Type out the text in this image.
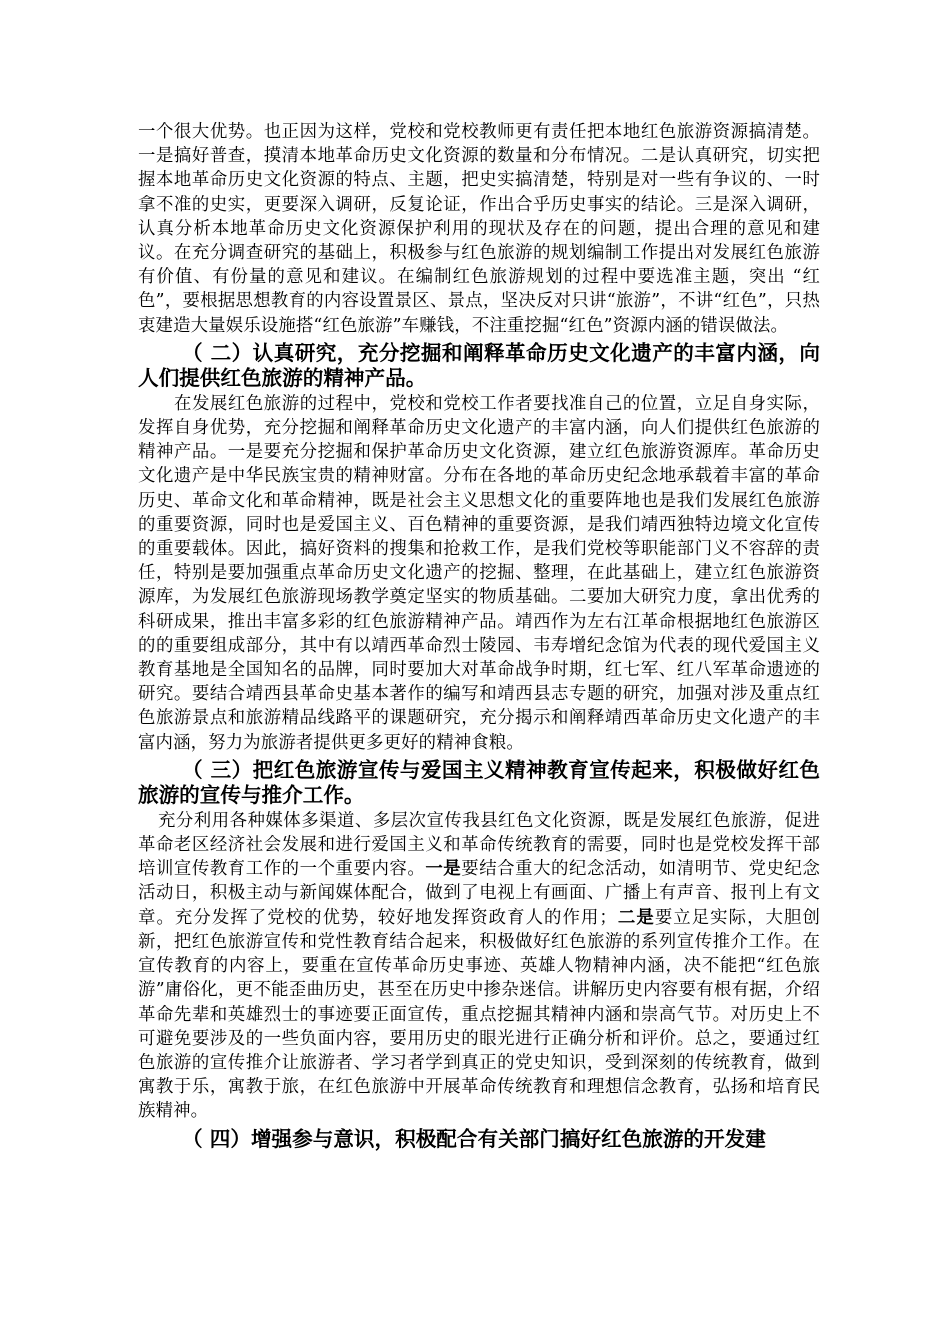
一个很大优势。也正因为这样，党校和党校教师更有责任把本地红色旅游资源搞清楚。一是搞好普查，摸清本地革命历史文化资源的数量和分布情况。二是认真研究，切实把握本地革命历史文化资源的特点、主题，把史实搞清楚，特别是对一些有争议的、一时拿不准的史实，更要深入调研，反复论证，作出合乎历史事实的结论。三是深入调研，认真分析本地革命历史文化资源保护利用的现状及存在的问题，提出合理的意见和建议。在充分调查研究的基础上，积极参与红色旅游的规划编制工作提出对发展红色旅游有价值、有份量的意见和建议。在编制红色旅游规划的过程中要选准主题，突出 “红色”，要根据思想教育的内容设置景区、景点，坚决反对只讲“旅游”，不讲“红色”，只热衷建造大量娱乐设施搭“红色旅游”车赚钱，不注重挖掘“红色”资源内涵的错误做法。

（ 二）认真研究，充分挖掘和阐释革命历史文化遗产的丰富内涵，向人们提供红色旅游的精神产品。

在发展红色旅游的过程中，党校和党校工作者要找准自己的位置，立足自身实际，发挥自身优势，充分挖掘和阐释革命历史文化遗产的丰富内涵，向人们提供红色旅游的精神产品。一是要充分挖掘和保护革命历史文化资源，建立红色旅游资源库。革命历史文化遗产是中华民族宝贵的精神财富。分布在各地的革命历史纪念地承载着丰富的革命历史、革命文化和革命精神，既是社会主义思想文化的重要阵地也是我们发展红色旅游的重要资源，同时也是爱国主义、百色精神的重要资源，是我们靖西独特边境文化宣传的重要载体。因此，搞好资料的搜集和抢救工作，是我们党校等职能部门义不容辞的责任，特别是要加强重点革命历史文化遗产的挖掘、整理，在此基础上，建立红色旅游资源库，为发展红色旅游现场教学奠定坚实的物质基础。二要加大研究力度，拿出优秀的科研成果，推出丰富多彩的红色旅游精神产品。靖西作为左右江革命根据地红色旅游区的的重要组成部分，其中有以靖西革命烈士陵园、韦寿增纪念馆为代表的现代爱国主义教育基地是全国知名的品牌，同时要加大对革命战争时期，红七军、红八军革命遗迹的研究。要结合靖西县革命史基本著作的编写和靖西县志专题的研究，加强对涉及重点红色旅游景点和旅游精品线路平的课题研究，充分揭示和阐释靖西革命历史文化遗产的丰富内涵，努力为旅游者提供更多更好的精神食粮。

（ 三）把红色旅游宣传与爱国主义精神教育宣传起来，积极做好红色旅游的宣传与推介工作。

充分利用各种媒体多渠道、多层次宣传我县红色文化资源，既是发展红色旅游，促进革命老区经济社会发展和进行爱国主义和革命传统教育的需要，同时也是党校发挥干部培训宣传教育工作的一个重要内容。一是要结合重大的纪念活动，如清明节、党史纪念活动日，积极主动与新闻媒体配合，做到了电视上有画面、广播上有声音、报刊上有文章。充分发挥了党校的优势，较好地发挥资政育人的作用；二是要立足实际，大胆创新，把红色旅游宣传和党性教育结合起来，积极做好红色旅游的系列宣传推介工作。在宣传教育的内容上，要重在宣传革命历史事迹、英雄人物精神内涵，决不能把“红色旅游”庸俗化，更不能歪曲历史，甚至在历史中掺杂迷信。讲解历史内容要有根有据，介绍革命先辈和英雄烈士的事迹要正面宣传，重点挖掘其精神内涵和崇高气节。对历史上不可避免要涉及的一些负面内容，要用历史的眼光进行正确分析和评价。总之，要通过红色旅游的宣传推介让旅游者、学习者学到真正的党史知识，受到深刻的传统教育，做到寓教于乐，寓教于旅，在红色旅游中开展革命传统教育和理想信念教育，弘扬和培育民族精神。

（ 四）增强参与意识，积极配合有关部门搞好红色旅游的开发建
